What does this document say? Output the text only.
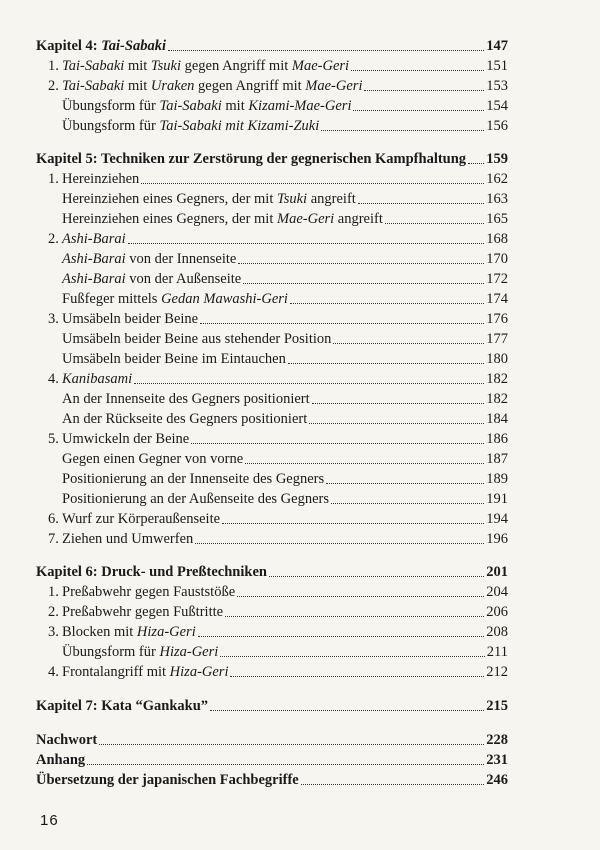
Kapitel 4: Tai-Sabaki	147
1. Tai-Sabaki mit Tsuki gegen Angriff mit Mae-Geri	151
2. Tai-Sabaki mit Uraken gegen Angriff mit Mae-Geri	153
Übungsform für Tai-Sabaki mit Kizami-Mae-Geri	154
Übungsform für Tai-Sabaki mit Kizami-Zuki	156
Kapitel 5: Techniken zur Zerstörung der gegnerischen Kampfhaltung 159
1. Hereinziehen	162
Hereinziehen eines Gegners, der mit Tsuki angreift	163
Hereinziehen eines Gegners, der mit Mae-Geri angreift	165
2. Ashi-Barai	168
Ashi-Barai von der Innenseite	170
Ashi-Barai von der Außenseite	172
Fußfeger mittels Gedan Mawashi-Geri	174
3. Umsäbeln beider Beine	176
Umsäbeln beider Beine aus stehender Position	177
Umsäbeln beider Beine im Eintauchen	180
4. Kanibasami	182
An der Innenseite des Gegners positioniert	182
An der Rückseite des Gegners positioniert	184
5. Umwickeln der Beine	186
Gegen einen Gegner von vorne	187
Positionierung an der Innenseite des Gegners	189
Positionierung an der Außenseite des Gegners	191
6. Wurf zur Körperaußenseite	194
7. Ziehen und Umwerfen	196
Kapitel 6: Druck- und Preßtechniken	201
1. Preßabwehr gegen Fauststöße	204
2. Preßabwehr gegen Fußtritte	206
3. Blocken mit Hiza-Geri	208
Übungsform für Hiza-Geri	211
4. Frontalangriff mit Hiza-Geri	212
Kapitel 7: Kata “Gankaku”	215
Nachwort	228
Anhang	231
Übersetzung der japanischen Fachbegriffe	246
16
